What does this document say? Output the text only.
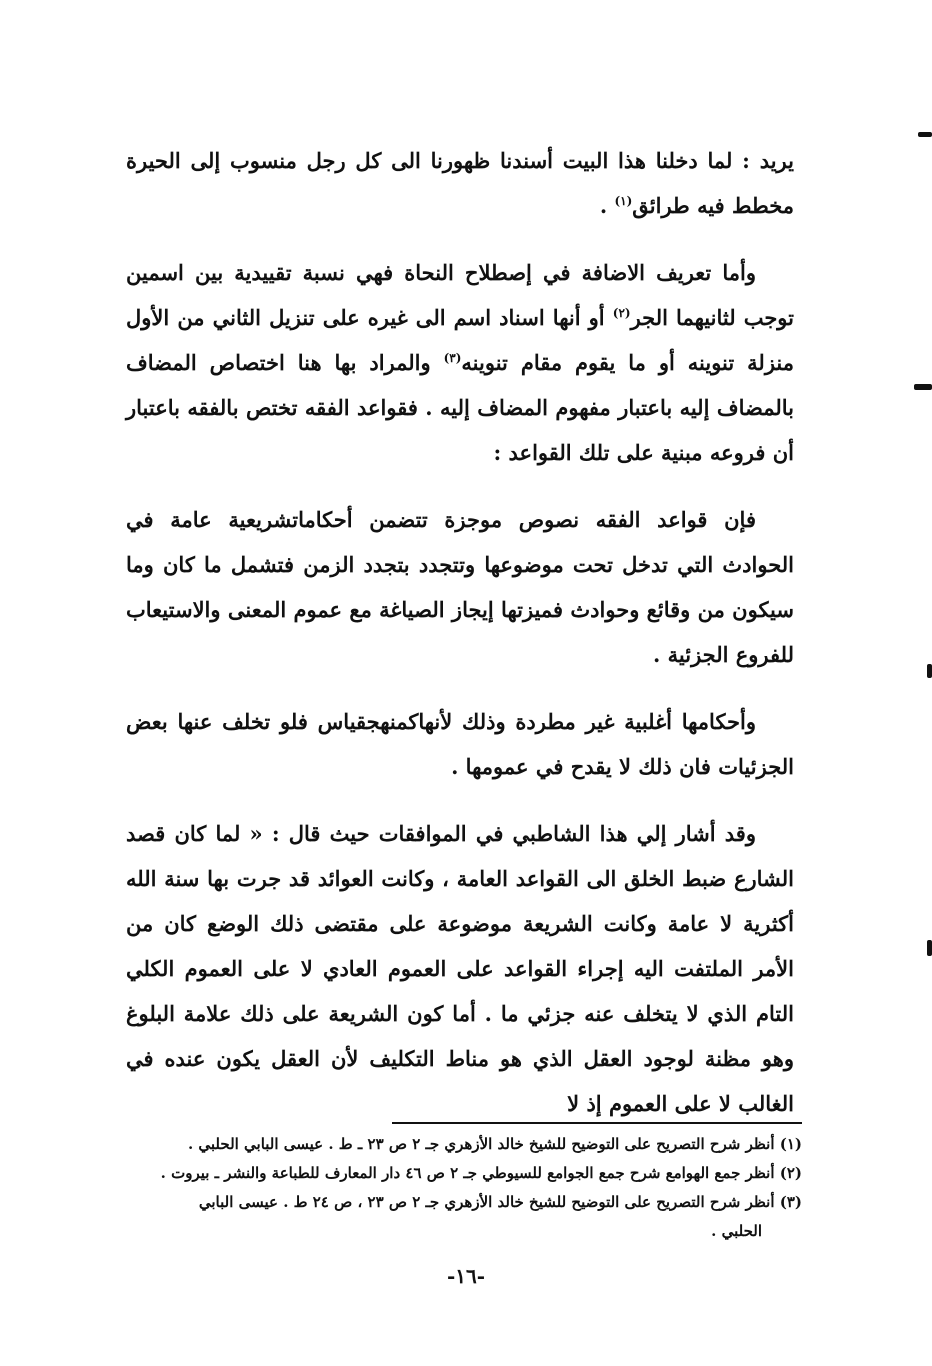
يريد : لما دخلنا هذا البيت أسندنا ظهورنا الى كل رجل منسوب إلى الحيرة مخطط فيه طرائق$^{(١)}$ .

وأما تعريف الاضافة في إصطلاح النحاة فهي نسبة تقييدية بين اسمين توجب لثانيهما الجر$^{(٢)}$ أو أنها اسناد اسم الى غيره على تنزيل الثاني من الأول منزلة تنوينه أو ما يقوم مقام تنوينه$^{(٣)}$ والمراد بها هنا اختصاص المضاف بالمضاف إليه باعتبار مفهوم المضاف إليه . فقواعد الفقه تختص بالفقه باعتبار أن فروعه مبنية على تلك القواعد :

فإن قواعد الفقه نصوص موجزة تتضمن أحكاماتشريعية عامة في الحوادث التي تدخل تحت موضوعها وتتجدد بتجدد الزمن فتشمل ما كان وما سيكون من وقائع وحوادث فميزتها إيجاز الصياغة مع عموم المعنى والاستيعاب للفروع الجزئية .

وأحكامها أغلبية غير مطردة وذلك لأنهاكمنهجقياس فلو تخلف عنها بعض الجزئيات فان ذلك لا يقدح في عمومها .

وقد أشار إلي هذا الشاطبي في الموافقات حيث قال : « لما كان قصد الشارع ضبط الخلق الى القواعد العامة ، وكانت العوائد قد جرت بها سنة الله أكثرية لا عامة وكانت الشريعة موضوعة على مقتضى ذلك الوضع كان من الأمر الملتفت اليه إجراء القواعد على العموم العادي لا على العموم الكلي التام الذي لا يتخلف عنه جزئي ما . أما كون الشريعة على ذلك علامة البلوغ وهو مظنة لوجود العقل الذي هو مناط التكليف لأن العقل يكون عنده في الغالب لا على العموم إذ لا

(١) أنظر شرح التصريح على التوضيح للشيخ خالد الأزهري جـ ٢ ص ٢٣ ـ ط . عيسى البابي الحلبي .

(٢) أنظر جمع الهوامع شرح جمع الجوامع للسيوطي جـ ٢ ص ٤٦ دار المعارف للطباعة والنشر ـ بيروت .

(٣) أنظر شرح التصريح على التوضيح للشيخ خالد الأزهري جـ ٢ ص ٢٣ ، ص ٢٤ ط . عيسى البابي

الحلبي .

-١٦-
